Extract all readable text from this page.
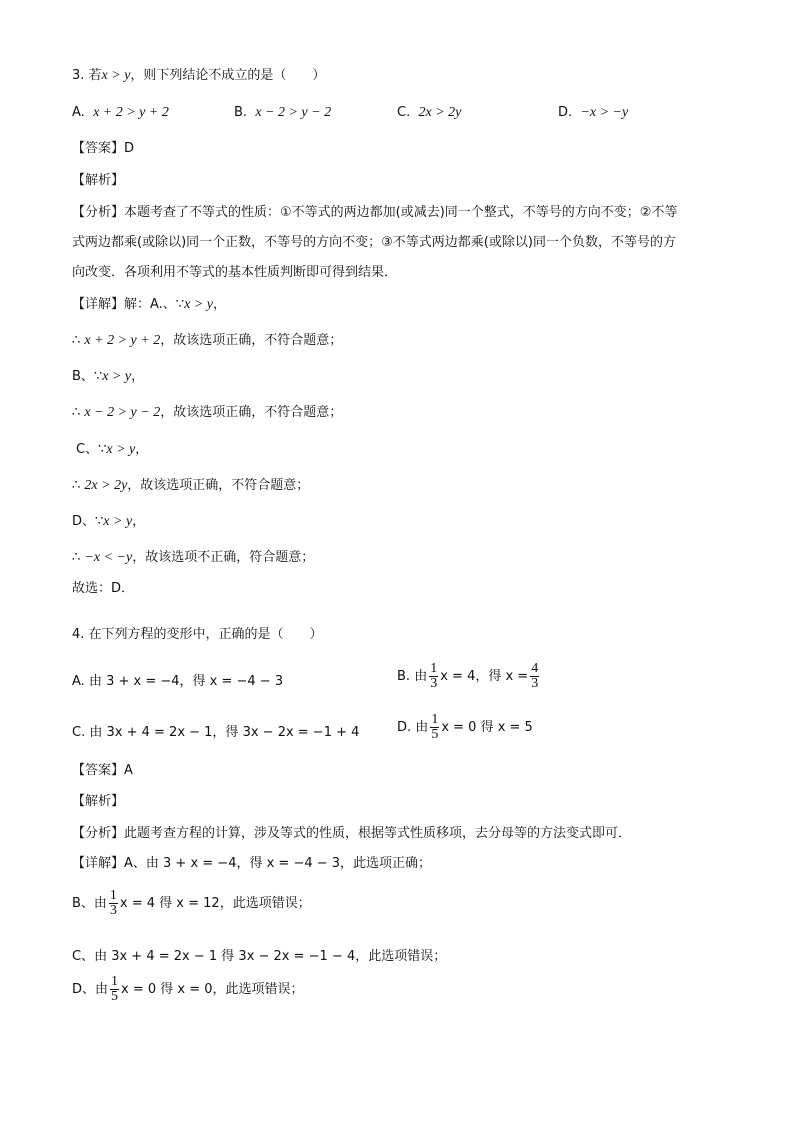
3. 若x > y，则下列结论不成立的是（　　）
A. x + 2 > y + 2	B. x − 2 > y − 2	C. 2x > 2y	D. −x > −y
【答案】D
【解析】
【分析】本题考查了不等式的性质：①不等式的两边都加(或减去)同一个整式，不等号的方向不变；②不等
式两边都乘(或除以)同一个正数，不等号的方向不变；③不等式两边都乘(或除以)同一个负数，不等号的方
向改变．各项利用不等式的基本性质判断即可得到结果．
【详解】解：A.、∵x > y，
∴ x + 2 > y + 2，故该选项正确，不符合题意；
B、∵x > y，
∴ x − 2 > y − 2，故该选项正确，不符合题意；
C、∵x > y，
∴ 2x > 2y，故该选项正确，不符合题意；
D、∵x > y，
∴ −x < −y，故该选项不正确，符合题意；
故选：D．
4. 在下列方程的变形中，正确的是（　　）
A. 由 3 + x = −4，得 x = −4 − 3	B.
由 $\frac{1}{3}$ x = 4，得
$x = \frac{4}{3}$
C. 由 3x + 4 = 2x − 1，得 3x − 2x = −1 + 4	D.
由 $\frac{1}{5}$ x = 0 得 x = 5
【答案】A
【解析】
【分析】此题考查方程的计算，涉及等式的性质，根据等式性质移项，去分母等的方法变式即可．
【详解】A、由 3 + x = −4，得 x = −4 − 3，此选项正确；
B、由 $\frac{1}{3}$ x = 4 得 x = 12，此选项错误；
C、由 3x + 4 = 2x − 1 得 3x − 2x = −1 − 4，此选项错误；
D、由 $\frac{1}{5}$ x = 0 得 x = 0，此选项错误；
